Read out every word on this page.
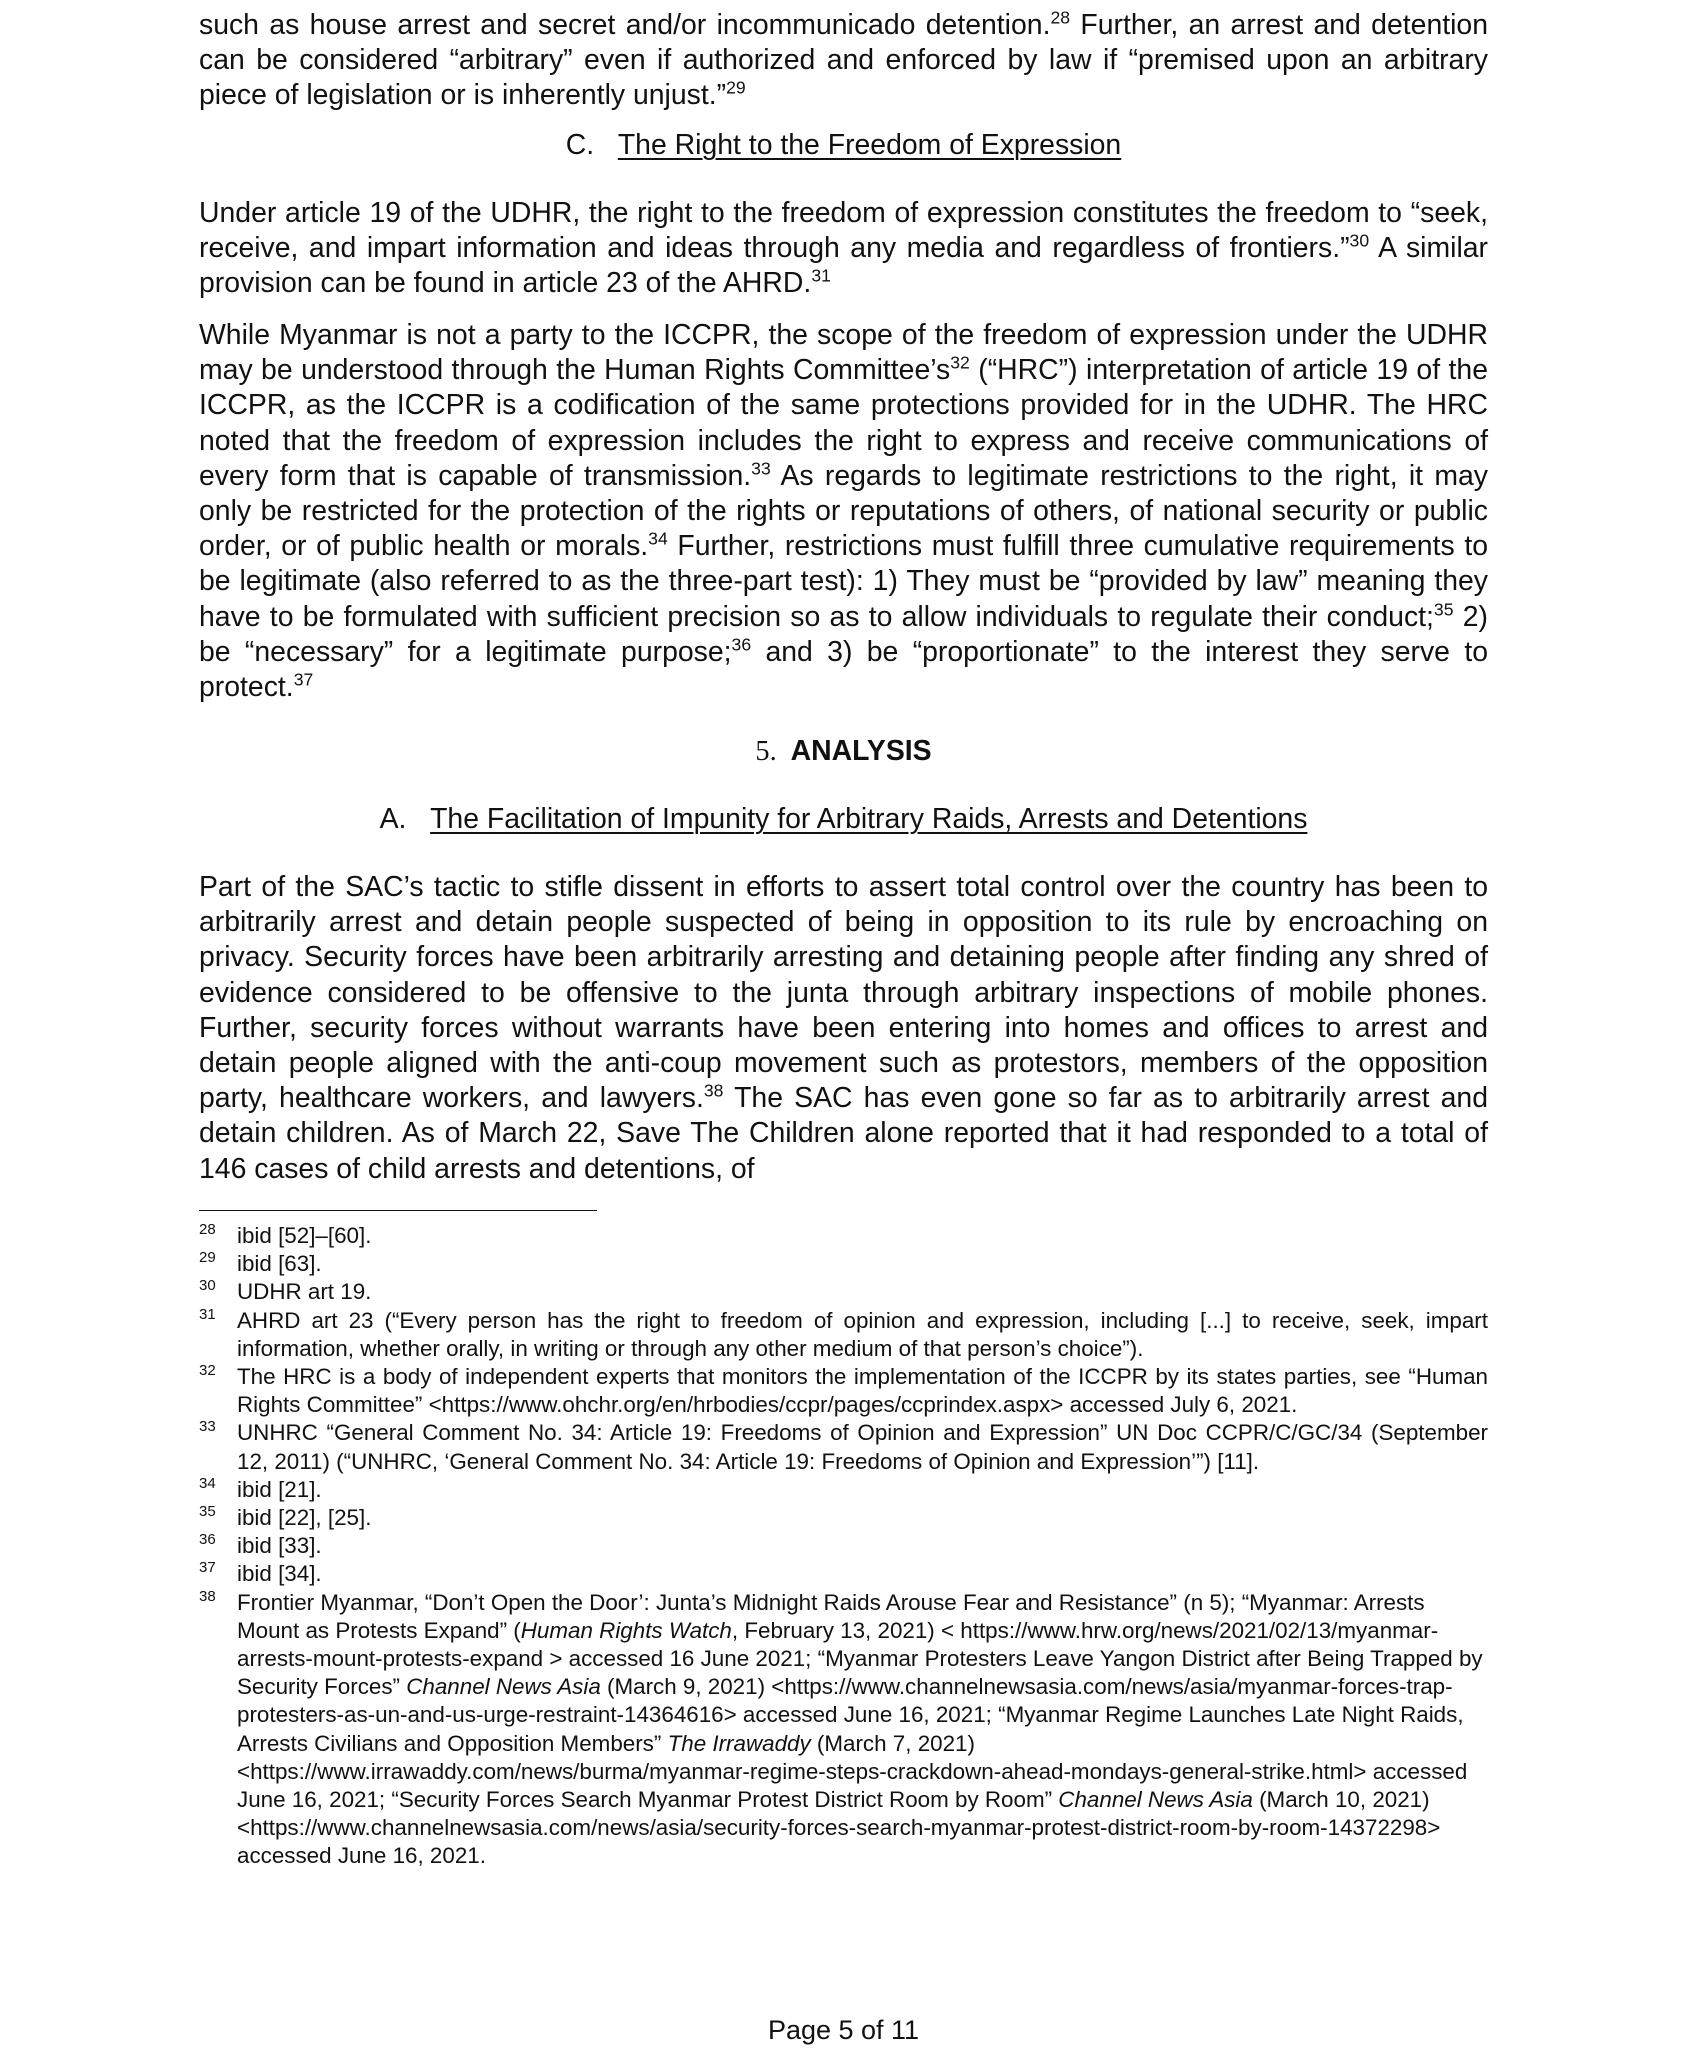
such as house arrest and secret and/or incommunicado detention.$^{28}$ Further, an arrest and detention can be considered “arbitrary” even if authorized and enforced by law if “premised upon an arbitrary piece of legislation or is inherently unjust.”$^{29}$

C. The Right to the Freedom of Expression

Under article 19 of the UDHR, the right to the freedom of expression constitutes the freedom to “seek, receive, and impart information and ideas through any media and regardless of frontiers.”$^{30}$ A similar provision can be found in article 23 of the AHRD.$^{31}$

While Myanmar is not a party to the ICCPR, the scope of the freedom of expression under the UDHR may be understood through the Human Rights $Committee’s^{32}$ (“HRC”) interpretation of article 19 of the ICCPR, as the ICCPR is a codification of the same protections provided for in the UDHR. The HRC noted that the freedom of expression includes the right to express and receive communications of every form that is capable of transmission.$^{33}$ As regards to legitimate restrictions to the right, it may only be restricted for the protection of the rights or reputations of others, of national security or public order, or of public health or morals.$^{34}$ Further, restrictions must fulfill three cumulative requirements to be legitimate (also referred to as the three-part test): 1) They must be “provided by law” meaning they have to be formulated with sufficient precision so as to allow individuals to regulate their conduct;$^{35}$ 2) be “necessary” for a legitimate purpose;$^{36}$ and 3) be “proportionate” to the interest they serve to protect.$^{37}$

5. ANALYSIS

A. The Facilitation of Impunity for Arbitrary Raids, Arrests and Detentions

Part of the SAC’s tactic to stifle dissent in efforts to assert total control over the country has been to arbitrarily arrest and detain people suspected of being in opposition to its rule by encroaching on privacy. Security forces have been arbitrarily arresting and detaining people after finding any shred of evidence considered to be offensive to the junta through arbitrary inspections of mobile phones. Further, security forces without warrants have been entering into homes and offices to arrest and detain people aligned with the anti-coup movement such as protestors, members of the opposition party, healthcare workers, and lawyers.$^{38}$ The SAC has even gone so far as to arbitrarily arrest and detain children. As of March 22, Save The Children alone reported that it had responded to a total of 146 cases of child arrests and detentions, of

28 ibid [52]–[60].
29 ibid [63].
30 UDHR art 19.
31 AHRD art 23 (“Every person has the right to freedom of opinion and expression, including [...] to receive, seek, impart information, whether orally, in writing or through any other medium of that person’s choice”).
32 The HRC is a body of independent experts that monitors the implementation of the ICCPR by its states parties, see “Human Rights Committee” <https://www.ohchr.org/en/hrbodies/ccpr/pages/ccprindex.aspx> accessed July 6, 2021.
33 UNHRC “General Comment No. 34: Article 19: Freedoms of Opinion and Expression” UN Doc CCPR/C/GC/34 (September 12, 2011) (“UNHRC, ‘General Comment No. 34: Article 19: Freedoms of Opinion and Expression’”) [11].
34 ibid [21].
35 ibid [22], [25].
36 ibid [33].
37 ibid [34].
38 Frontier Myanmar, “Don’t Open the Door’: Junta’s Midnight Raids Arouse Fear and Resistance” (n 5); “Myanmar: Arrests Mount as Protests Expand” (Human Rights Watch, February 13, 2021) < https://www.hrw.org/news/2021/02/13/myanmar-arrests-mount-protests-expand > accessed 16 June 2021; “Myanmar Protesters Leave Yangon District after Being Trapped by Security Forces” Channel News Asia (March 9, 2021) <https://www.channelnewsasia.com/news/asia/myanmar-forces-trap-protesters-as-un-and-us-urge-restraint-14364616> accessed June 16, 2021; “Myanmar Regime Launches Late Night Raids, Arrests Civilians and Opposition Members” The Irrawaddy (March 7, 2021) <https://www.irrawaddy.com/news/burma/myanmar-regime-steps-crackdown-ahead-mondays-general-strike.html> accessed June 16, 2021; “Security Forces Search Myanmar Protest District Room by Room” Channel News Asia (March 10, 2021) <https://www.channelnewsasia.com/news/asia/security-forces-search-myanmar-protest-district-room-by-room-14372298> accessed June 16, 2021.
Page 5 of 11
